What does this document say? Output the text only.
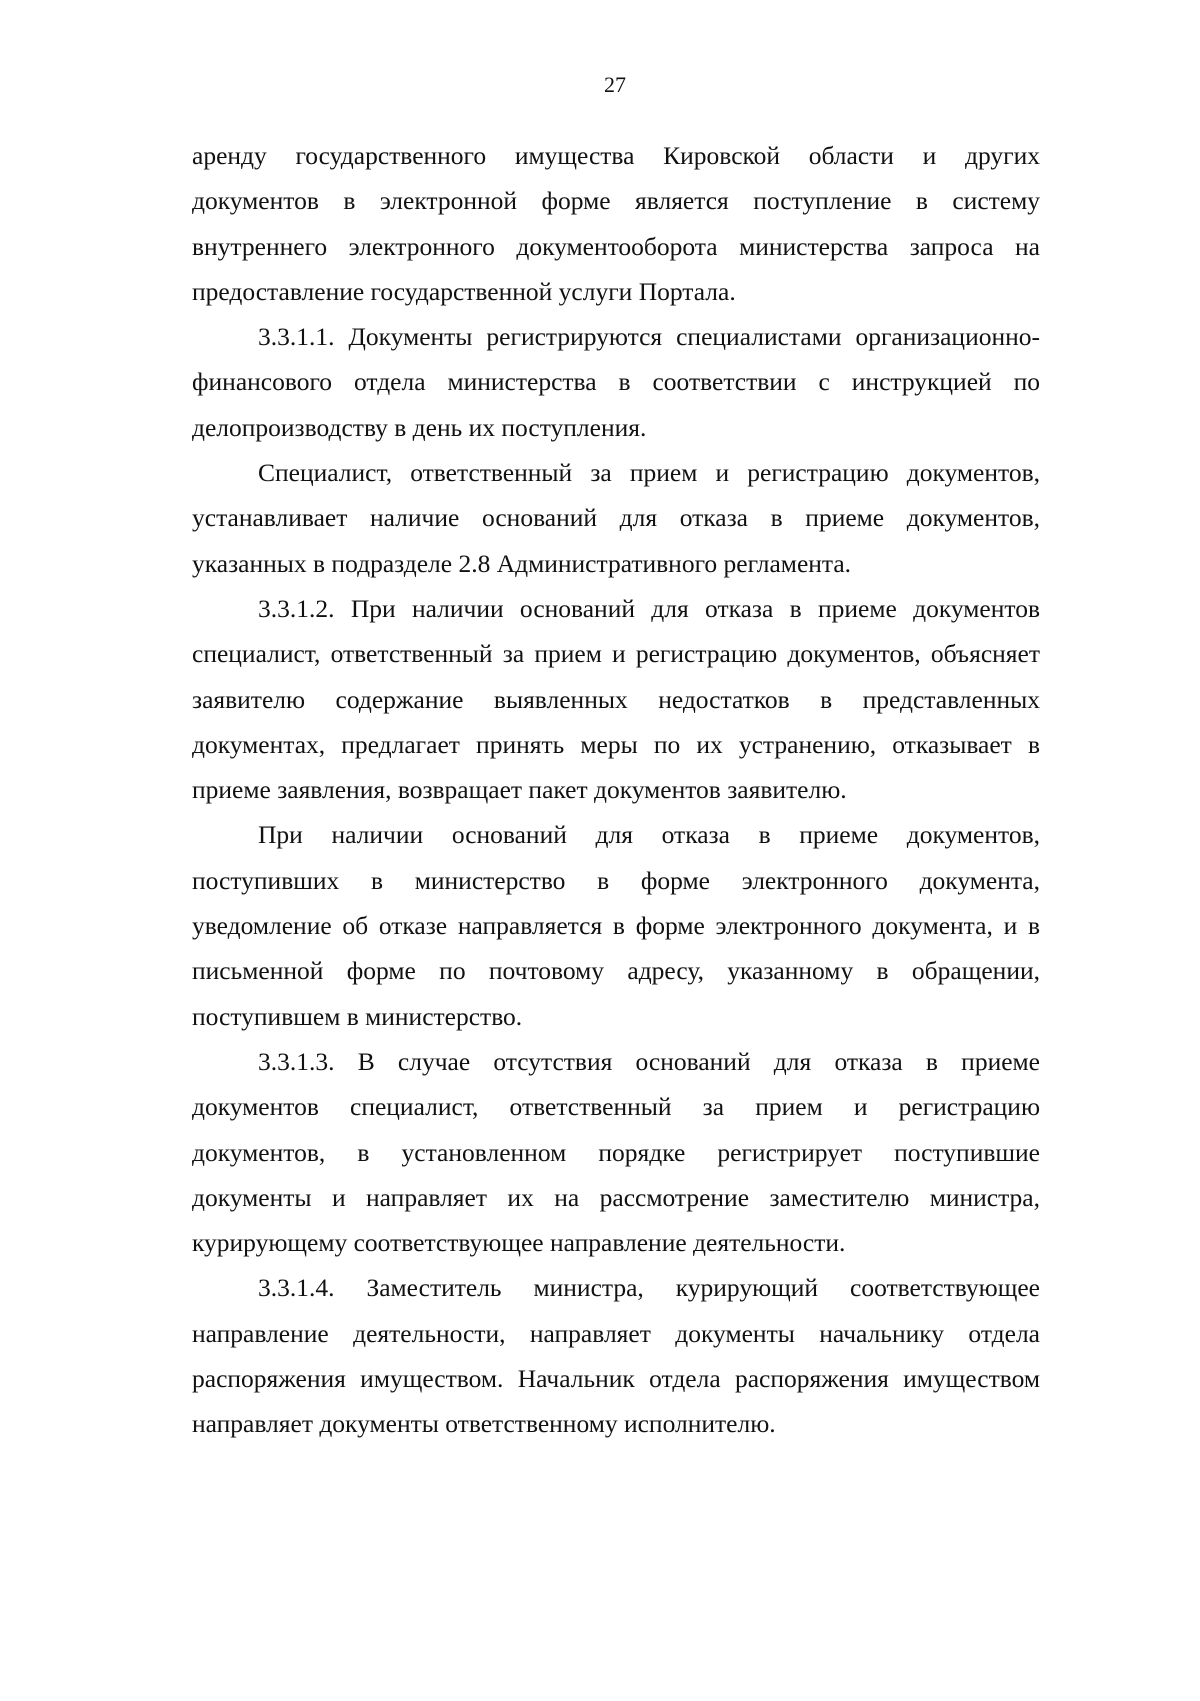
27
аренду государственного имущества Кировской области и других
документов в электронной форме является поступление в систему
внутреннего электронного документооборота министерства запроса на
предоставление государственной услуги Портала.
3.3.1.1. Документы регистрируются специалистами организационно-
финансового отдела министерства в соответствии с инструкцией по
делопроизводству в день их поступления.
Специалист, ответственный за прием и регистрацию документов,
устанавливает наличие оснований для отказа в приеме документов,
указанных в подразделе 2.8 Административного регламента.
3.3.1.2. При наличии оснований для отказа в приеме документов
специалист, ответственный за прием и регистрацию документов, объясняет
заявителю содержание выявленных недостатков в представленных
документах, предлагает принять меры по их устранению, отказывает в
приеме заявления, возвращает пакет документов заявителю.
При наличии оснований для отказа в приеме документов,
поступивших в министерство в форме электронного документа,
уведомление об отказе направляется в форме электронного документа, и в
письменной форме по почтовому адресу, указанному в обращении,
поступившем в министерство.
3.3.1.3. В случае отсутствия оснований для отказа в приеме
документов специалист, ответственный за прием и регистрацию
документов, в установленном порядке регистрирует поступившие
документы и направляет их на рассмотрение заместителю министра,
курирующему соответствующее направление деятельности.
3.3.1.4. Заместитель министра, курирующий соответствующее
направление деятельности, направляет документы начальнику отдела
распоряжения имуществом. Начальник отдела распоряжения имуществом
направляет документы ответственному исполнителю.
